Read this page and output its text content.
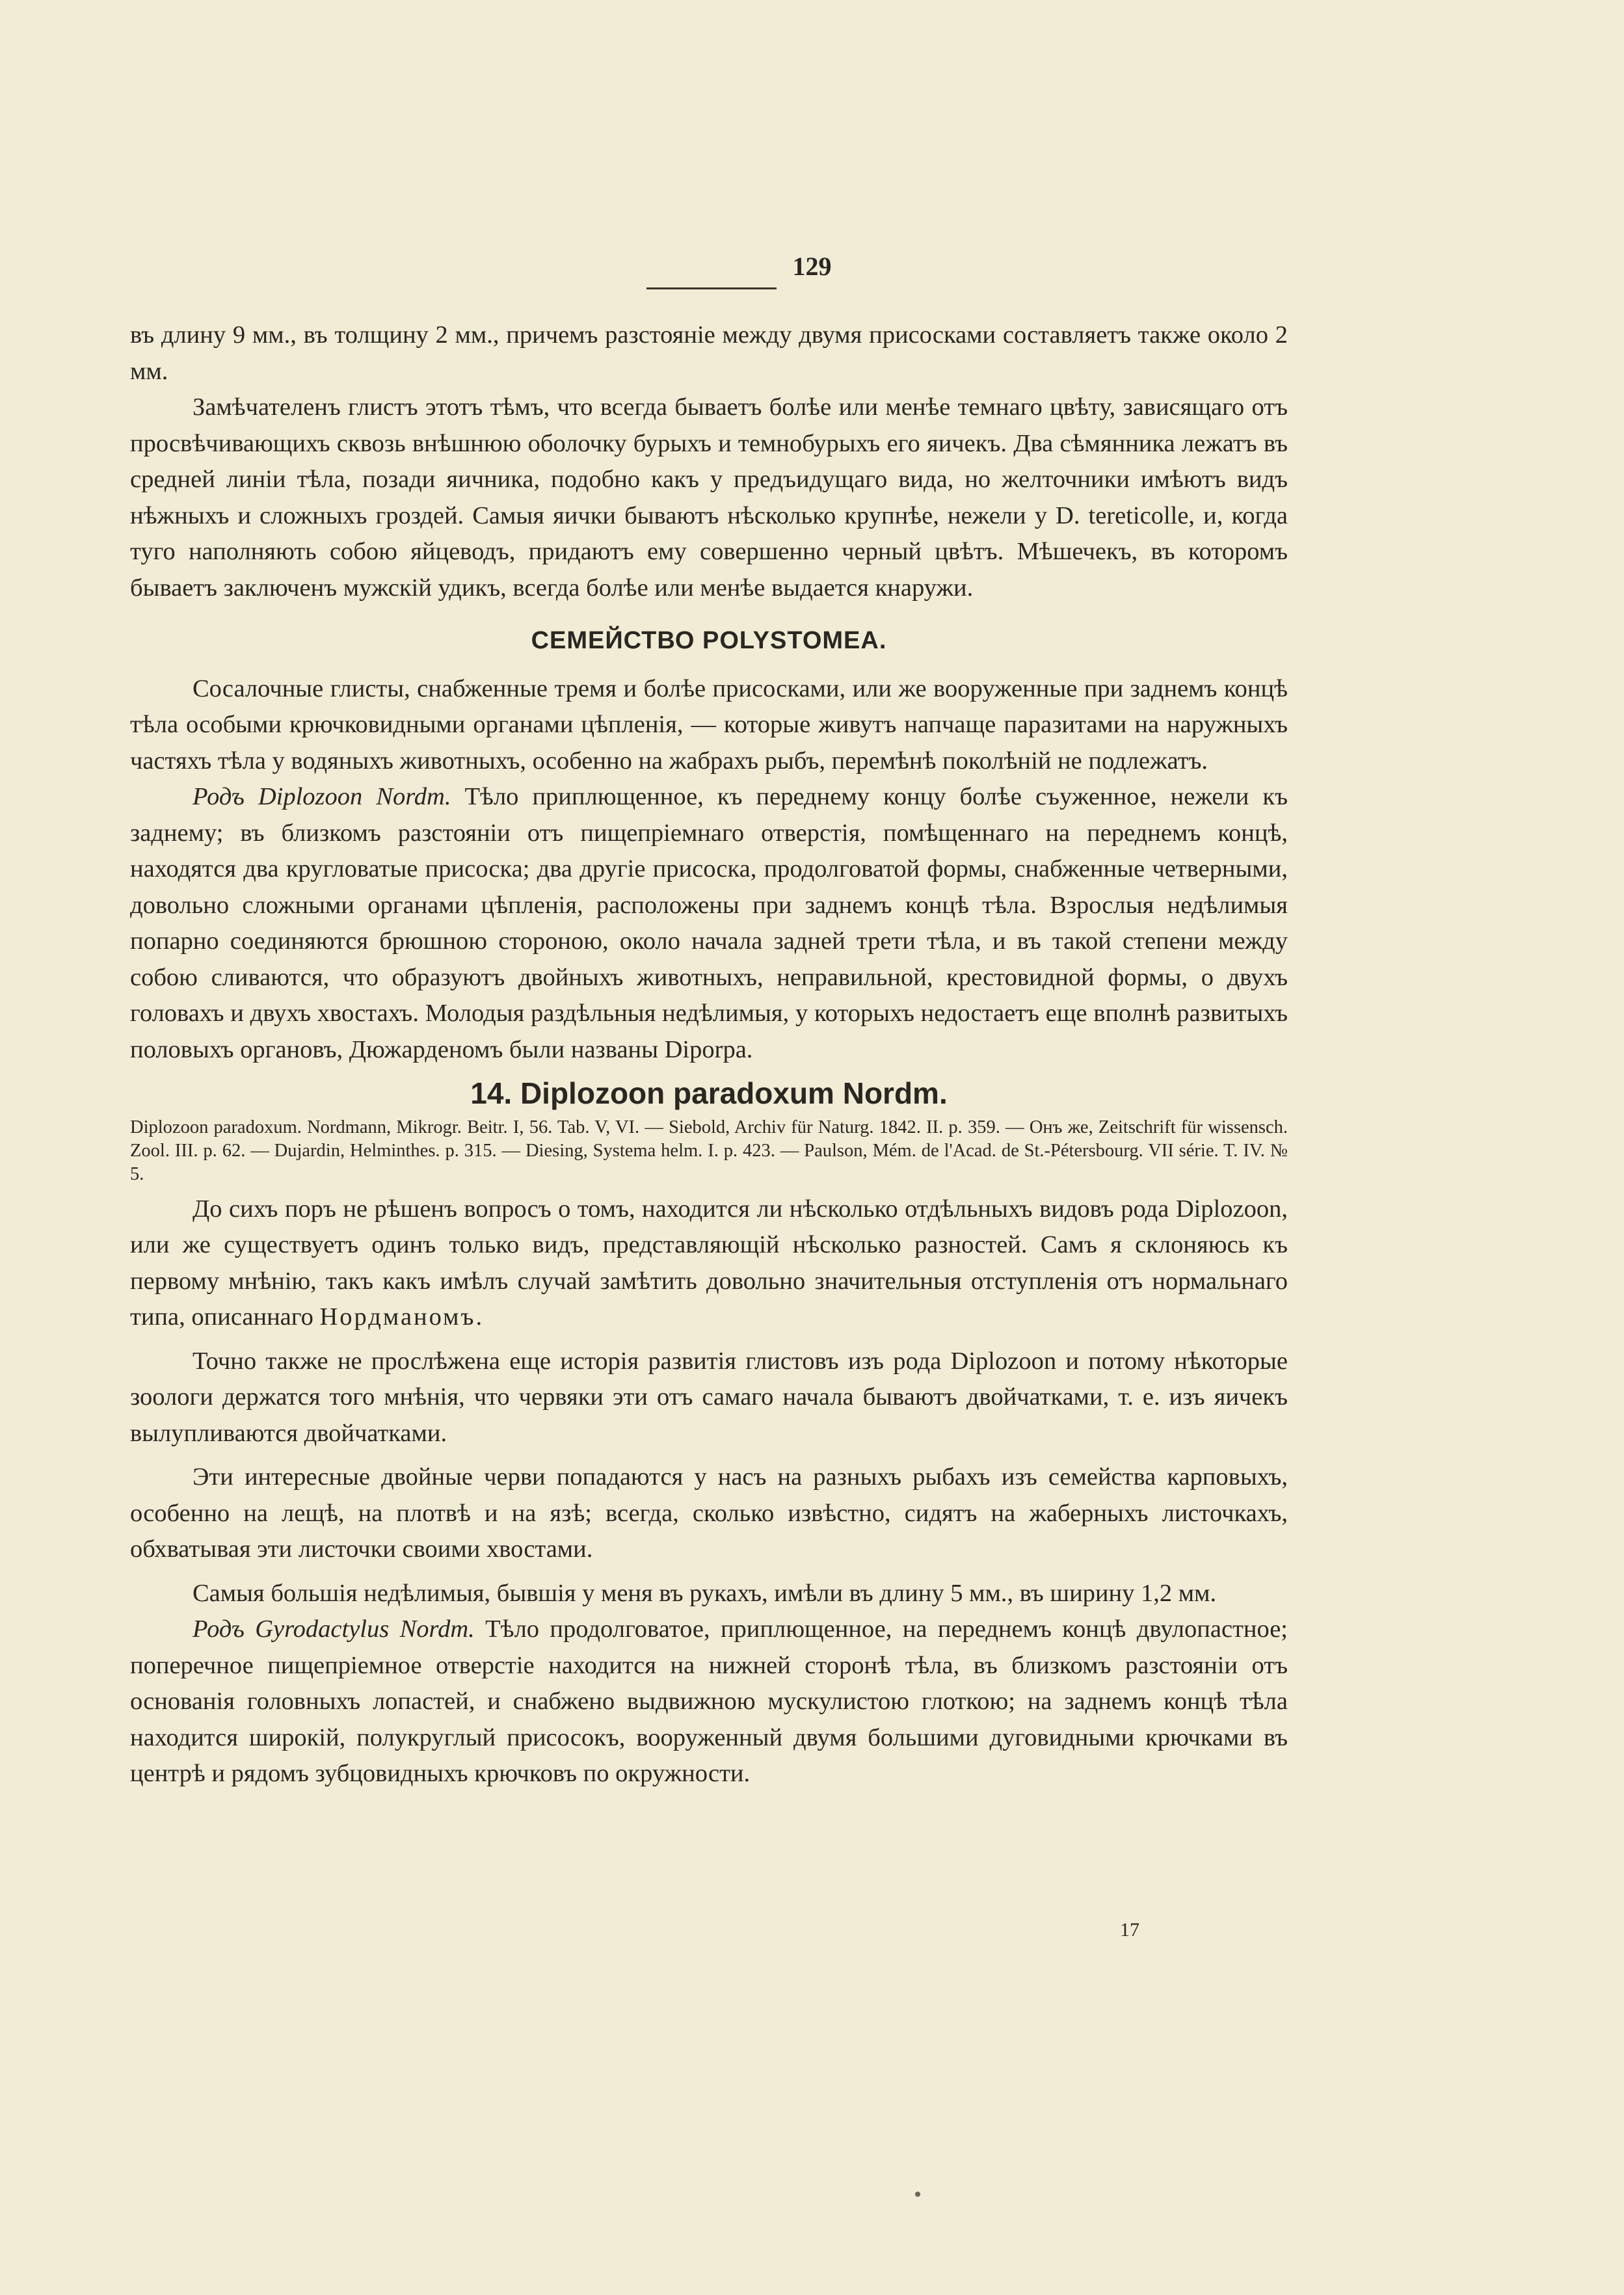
129

въ длину 9 мм., въ толщину 2 мм., причемъ разстояніе между двумя присосками составляетъ также около 2 мм.

Замѣчателенъ глистъ этотъ тѣмъ, что всегда бываетъ болѣе или менѣе темнаго цвѣту, зависящаго отъ просвѣчивающихъ сквозь внѣшнюю оболочку бурыхъ и темнобурыхъ его яичекъ. Два сѣмянника лежатъ въ средней линіи тѣла, позади яичника, подобно какъ у предъидущаго вида, но желточники имѣютъ видъ нѣжныхъ и сложныхъ гроздей. Самыя яички бываютъ нѣсколько крупнѣе, нежели у D. tereticolle, и, когда туго наполняють собою яйцеводъ, придаютъ ему совершенно черный цвѣтъ. Мѣшечекъ, въ которомъ бываетъ заключенъ мужскій удикъ, всегда болѣе или менѣе выдается кнаружи.

СЕМЕЙСТВО POLYSTOMEA.

Сосалочные глисты, снабженные тремя и болѣе присосками, или же вооруженные при заднемъ концѣ тѣла особыми крючковидными органами цѣпленія, — которые живутъ напчаще паразитами на наружныхъ частяхъ тѣла у водяныхъ животныхъ, особенно на жабрахъ рыбъ, перемѣнѣ поколѣній не подлежатъ.

Родъ Diplozoon Nordm. Тѣло приплющенное, къ переднему концу болѣе съуженное, нежели къ заднему; въ близкомъ разстояніи отъ пищепріемнаго отверстія, помѣщеннаго на переднемъ концѣ, находятся два кругловатые присоска; два другіе присоска, продолговатой формы, снабженные четверными, довольно сложными органами цѣпленія, расположены при заднемъ концѣ тѣла. Взрослыя недѣлимыя попарно соединяются брюшною стороною, около начала задней трети тѣла, и въ такой степени между собою сливаются, что образуютъ двойныхъ животныхъ, неправильной, крестовидной формы, о двухъ головахъ и двухъ хвостахъ. Молодыя раздѣльныя недѣлимыя, у которыхъ недостаетъ еще вполнѣ развитыхъ половыхъ органовъ, Дюжарденомъ были названы Diporpa.

14. Diplozoon paradoxum Nordm.

Diplozoon paradoxum. Nordmann, Mikrogr. Beitr. I, 56. Tab. V, VI. — Siebold, Archiv für Naturg. 1842. II. p. 359. — Онъ же, Zeitschrift für wissensch. Zool. III. p. 62. — Dujardin, Helminthes. p. 315. — Diesing, Systema helm. I. p. 423. — Paulson, Mém. de l'Acad. de St.-Pétersbourg. VII série. T. IV. № 5.

До сихъ поръ не рѣшенъ вопросъ о томъ, находится ли нѣсколько отдѣльныхъ видовъ рода Diplozoon, или же существуетъ одинъ только видъ, представляющій нѣсколько разностей. Самъ я склоняюсь къ первому мнѣнію, такъ какъ имѣлъ случай замѣтить довольно значительныя отступленія отъ нормальнаго типа, описаннаго Нордманомъ.

Точно также не прослѣжена еще исторія развитія глистовъ изъ рода Diplozoon и потому нѣкоторые зоологи держатся того мнѣнія, что червяки эти отъ самаго начала бываютъ двойчатками, т. е. изъ яичекъ вылупливаются двойчатками.

Эти интересные двойные черви попадаются у насъ на разныхъ рыбахъ изъ семейства карповыхъ, особенно на лещѣ, на плотвѣ и на язѣ; всегда, сколько извѣстно, сидятъ на жаберныхъ листочкахъ, обхватывая эти листочки своими хвостами.

Самыя большія недѣлимыя, бывшія у меня въ рукахъ, имѣли въ длину 5 мм., въ ширину 1,2 мм.

Родъ Gyrodactylus Nordm. Тѣло продолговатое, приплющенное, на переднемъ концѣ двулопастное; поперечное пищепріемное отверстіе находится на нижней сторонѣ тѣла, въ близкомъ разстояніи отъ основанія головныхъ лопастей, и снабжено выдвижною мускулистою глоткою; на заднемъ концѣ тѣла находится широкій, полукруглый присосокъ, вооруженный двумя большими дуговидными крючками въ центрѣ и рядомъ зубцовидныхъ крючковъ по окружности.

17
